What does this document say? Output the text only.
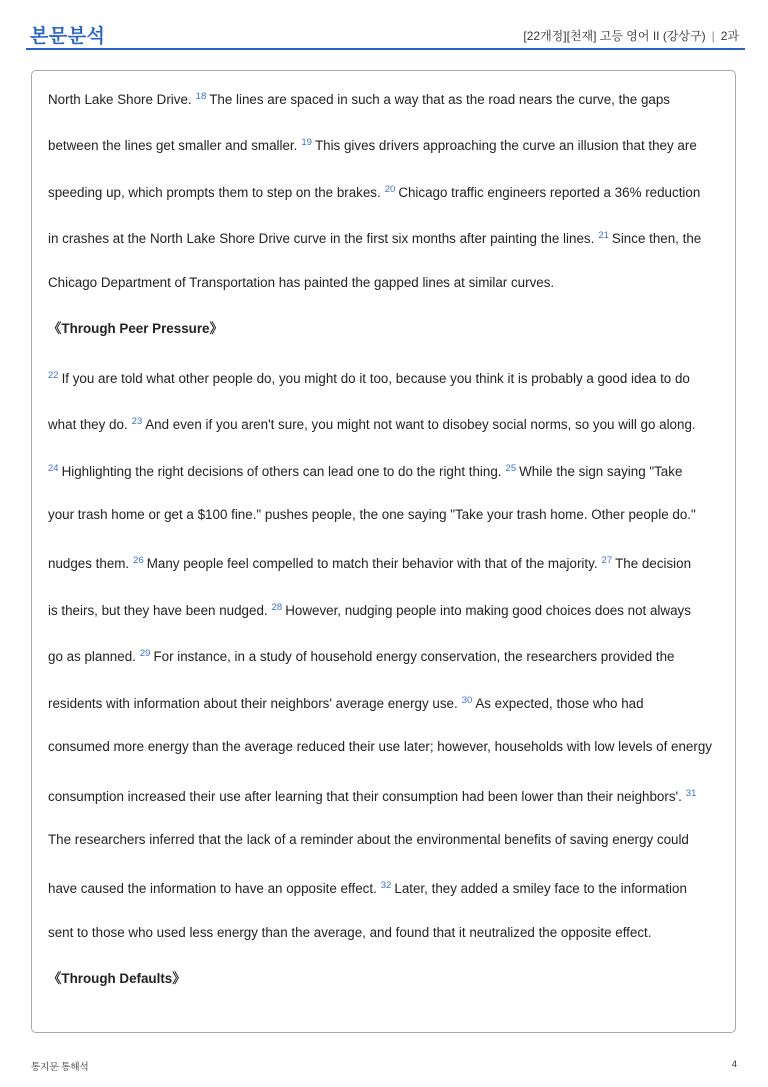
본문분석	[22개정][천재] 고등 영어 II (강상구) | 2과
North Lake Shore Drive. $^{18}$ The lines are spaced in such a way that as the road nears the curve, the gaps
between the lines get smaller and smaller. $^{19}$ This gives drivers approaching the curve an illusion that they are
speeding up, which prompts them to step on the brakes. $^{20}$ Chicago traffic engineers reported a 36% reduction
in crashes at the North Lake Shore Drive curve in the first six months after painting the lines. $^{21}$ Since then, the
Chicago Department of Transportation has painted the gapped lines at similar curves.
《Through Peer Pressure》
$^{22}$ If you are told what other people do, you might do it too, because you think it is probably a good idea to do
what they do. $^{23}$ And even if you aren't sure, you might not want to disobey social norms, so you will go along.
$^{24}$ Highlighting the right decisions of others can lead one to do the right thing. $^{25}$ While the sign saying "Take
your trash home or get a $100 fine." pushes people, the one saying "Take your trash home. Other people do."
nudges them. $^{26}$ Many people feel compelled to match their behavior with that of the majority. $^{27}$ The decision
is theirs, but they have been nudged. $^{28}$ However, nudging people into making good choices does not always
go as planned. $^{29}$ For instance, in a study of household energy conservation, the researchers provided the
residents with information about their neighbors' average energy use. $^{30}$ As expected, those who had
consumed more energy than the average reduced their use later; however, households with low levels of energy
consumption increased their use after learning that their consumption had been lower than their neighbors'. $^{31}$
The researchers inferred that the lack of a reminder about the environmental benefits of saving energy could
have caused the information to have an opposite effect. $^{32}$ Later, they added a smiley face to the information
sent to those who used less energy than the average, and found that it neutralized the opposite effect.
《Through Defaults》
통지문 통해석	4
